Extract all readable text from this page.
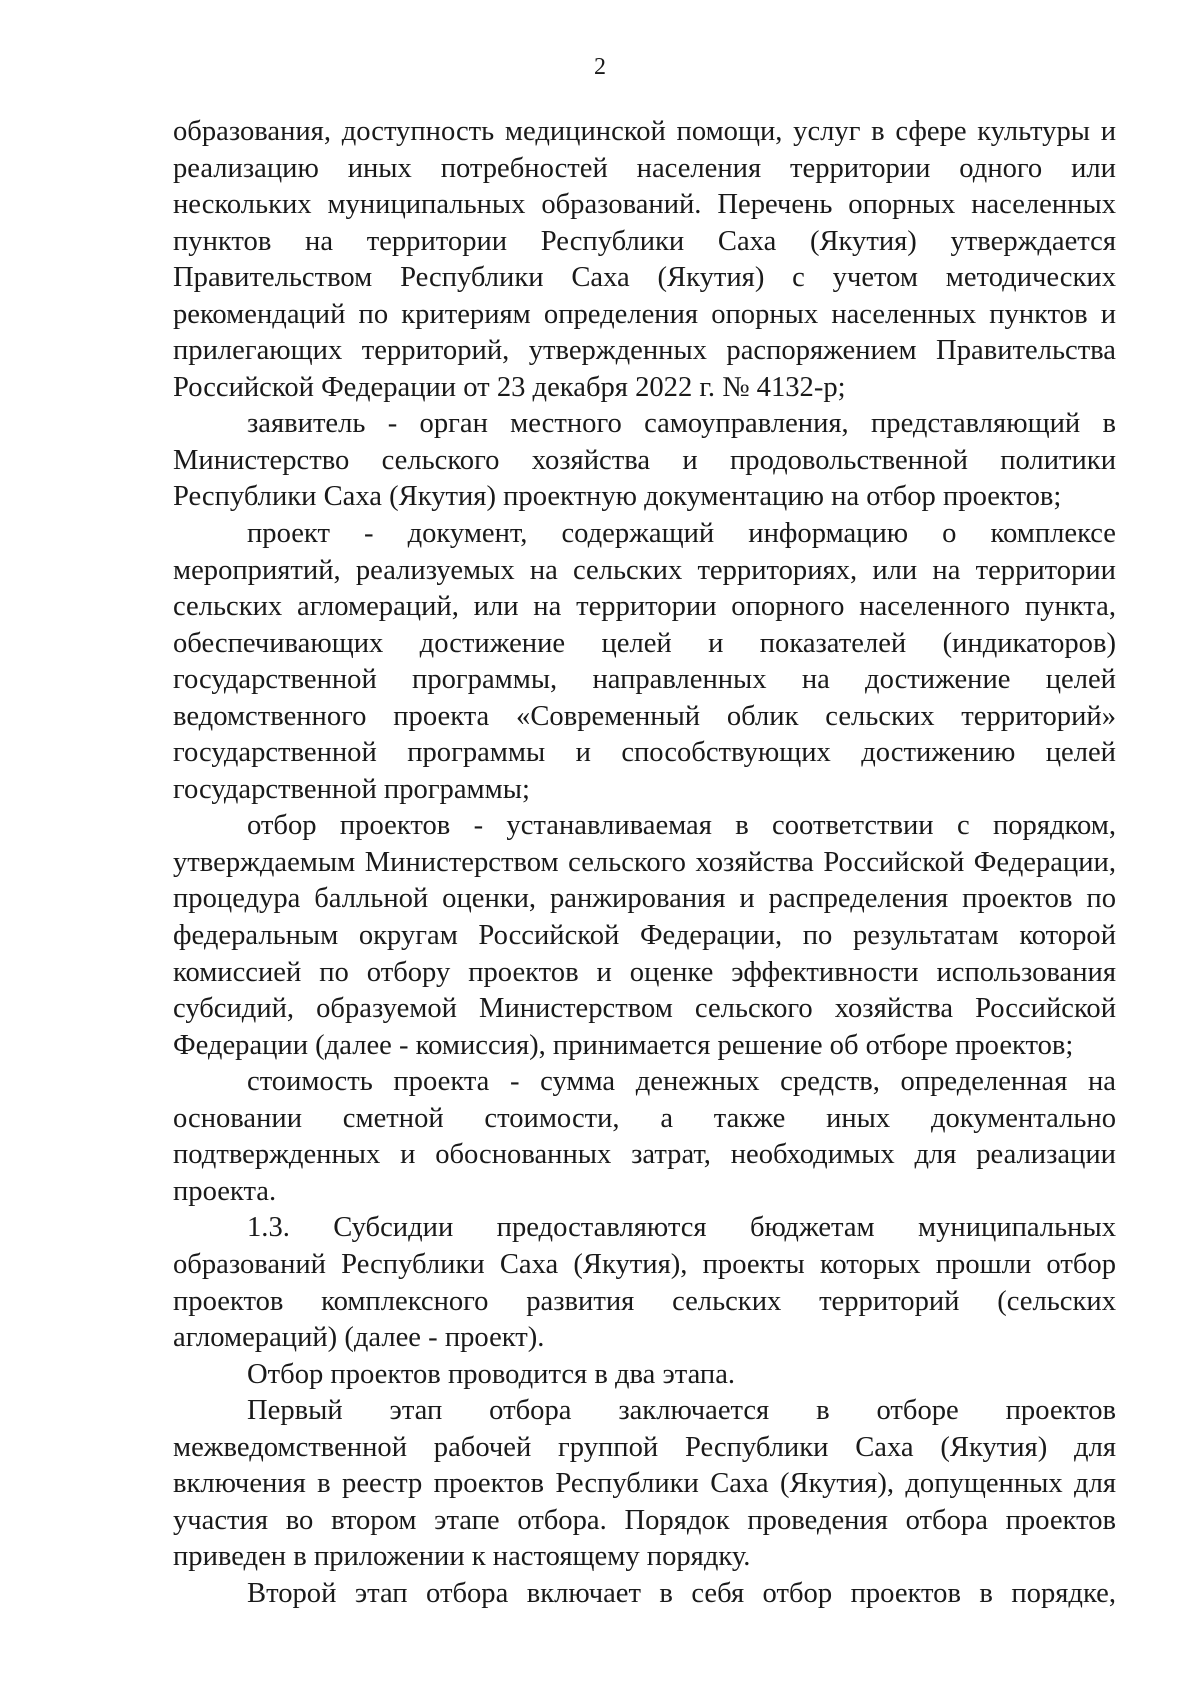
2

образования, доступность медицинской помощи, услуг в сфере культуры и реализацию иных потребностей населения территории одного или нескольких муниципальных образований. Перечень опорных населенных пунктов на территории Республики Саха (Якутия) утверждается Правительством Республики Саха (Якутия) с учетом методических рекомендаций по критериям определения опорных населенных пунктов и прилегающих территорий, утвержденных распоряжением Правительства Российской Федерации от 23 декабря 2022 г. № 4132-р;

заявитель - орган местного самоуправления, представляющий в Министерство сельского хозяйства и продовольственной политики Республики Саха (Якутия) проектную документацию на отбор проектов;

проект - документ, содержащий информацию о комплексе мероприятий, реализуемых на сельских территориях, или на территории сельских агломераций, или на территории опорного населенного пункта, обеспечивающих достижение целей и показателей (индикаторов) государственной программы, направленных на достижение целей ведомственного проекта «Современный облик сельских территорий» государственной программы и способствующих достижению целей государственной программы;

отбор проектов - устанавливаемая в соответствии с порядком, утверждаемым Министерством сельского хозяйства Российской Федерации, процедура балльной оценки, ранжирования и распределения проектов по федеральным округам Российской Федерации, по результатам которой комиссией по отбору проектов и оценке эффективности использования субсидий, образуемой Министерством сельского хозяйства Российской Федерации (далее - комиссия), принимается решение об отборе проектов;

стоимость проекта - сумма денежных средств, определенная на основании сметной стоимости, а также иных документально подтвержденных и обоснованных затрат, необходимых для реализации проекта.

1.3. Субсидии предоставляются бюджетам муниципальных образований Республики Саха (Якутия), проекты которых прошли отбор проектов комплексного развития сельских территорий (сельских агломераций) (далее - проект).

Отбор проектов проводится в два этапа.

Первый этап отбора заключается в отборе проектов межведомственной рабочей группой Республики Саха (Якутия) для включения в реестр проектов Республики Саха (Якутия), допущенных для участия во втором этапе отбора. Порядок проведения отбора проектов приведен в приложении к настоящему порядку.

Второй этап отбора включает в себя отбор проектов в порядке,
